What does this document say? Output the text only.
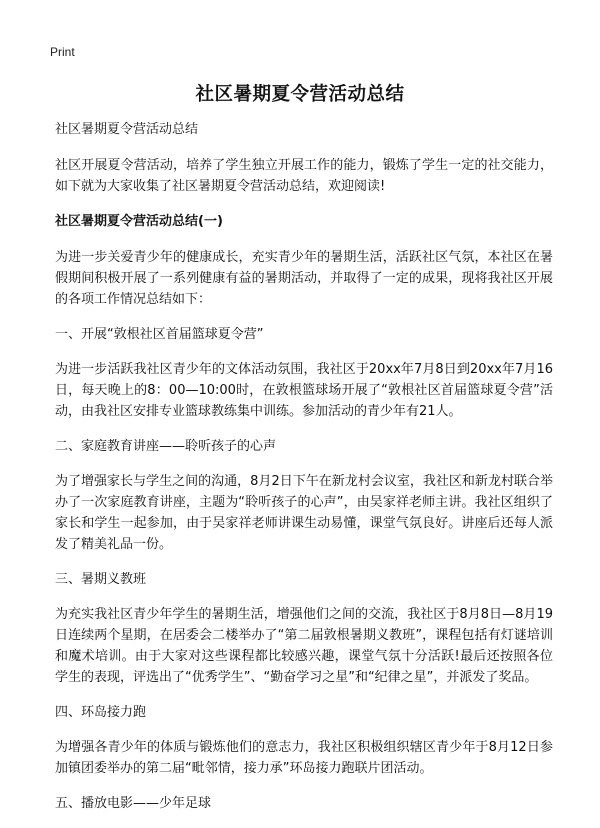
Print
社区暑期夏令营活动总结

社区暑期夏令营活动总结

社区开展夏令营活动，培养了学生独立开展工作的能力，锻炼了学生一定的社交能力，如下就为大家收集了社区暑期夏令营活动总结，欢迎阅读!

社区暑期夏令营活动总结(一)

为进一步关爱青少年的健康成长，充实青少年的暑期生活，活跃社区气氛，本社区在暑假期间积极开展了一系列健康有益的暑期活动，并取得了一定的成果，现将我社区开展的各项工作情况总结如下：

一、开展“敦根社区首届篮球夏令营”

为进一步活跃我社区青少年的文体活动氛围，我社区于20xx年7月8日到20xx年7月16日，每天晚上的8：00—10:00时，在敦根篮球场开展了“敦根社区首届篮球夏令营”活动，由我社区安排专业篮球教练集中训练。参加活动的青少年有21人。

二、家庭教育讲座——聆听孩子的心声

为了增强家长与学生之间的沟通，8月2日下午在新龙村会议室，我社区和新龙村联合举办了一次家庭教育讲座，主题为“聆听孩子的心声”，由吴家祥老师主讲。我社区组织了家长和学生一起参加，由于吴家祥老师讲课生动易懂，课堂气氛良好。讲座后还每人派发了精美礼品一份。

三、暑期义教班

为充实我社区青少年学生的暑期生活，增强他们之间的交流，我社区于8月8日—8月19日连续两个星期，在居委会二楼举办了“第二届敦根暑期义教班”，课程包括有灯谜培训和魔术培训。由于大家对这些课程都比较感兴趣，课堂气氛十分活跃!最后还按照各位学生的表现，评选出了“优秀学生”、“勤奋学习之星”和“纪律之星”，并派发了奖品。

四、环岛接力跑

为增强各青少年的体质与锻炼他们的意志力，我社区积极组织辖区青少年于8月12日参加镇团委举办的第二届“毗邻情，接力承”环岛接力跑联片团活动。

五、播放电影——少年足球
